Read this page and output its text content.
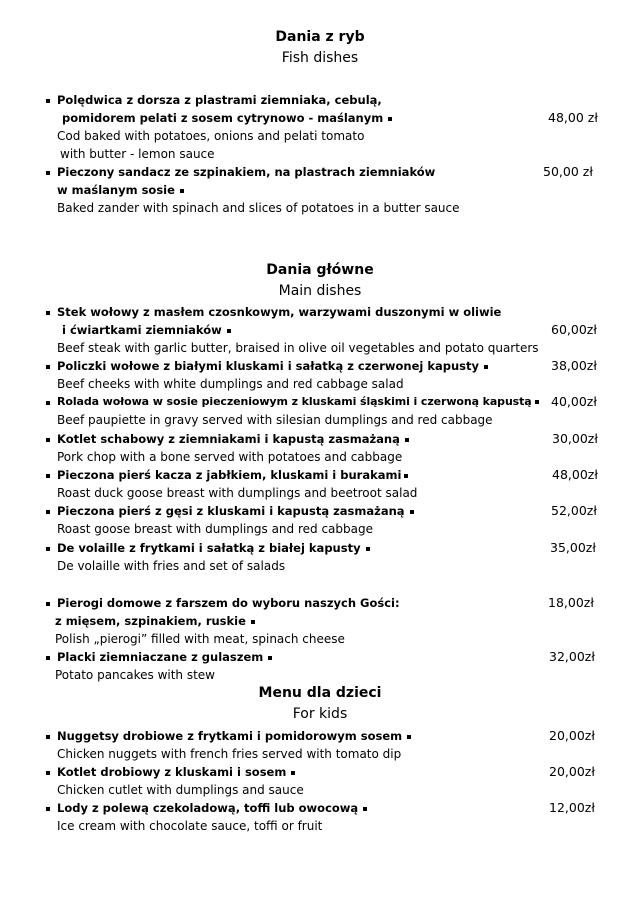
Dania z ryb
Fish dishes
Polędwica z dorsza z plastrami ziemniaka, cebulą,
pomidorem pelati z sosem cytrynowo - maślanym	48,00 zł
Cod baked with potatoes, onions and pelati tomato
with butter - lemon sauce
Pieczony sandacz ze szpinakiem, na plastrach ziemniaków	50,00 zł
w maślanym sosie
Baked zander with spinach and slices of potatoes in a butter sauce
Dania główne
Main dishes
Stek wołowy z masłem czosnkowym, warzywami duszonymi w oliwie
i ćwiartkami ziemniaków	60,00zł
Beef steak with garlic butter, braised in olive oil vegetables and potato quarters
Policzki wołowe z białymi kluskami i sałatką z czerwonej kapusty	38,00zł
Beef cheeks with white dumplings and red cabbage salad
Rolada wołowa w sosie pieczeniowym z kluskami śląskimi i czerwoną kapustą	40,00zł
Beef paupiette in gravy served with silesian dumplings and red cabbage
Kotlet schabowy z ziemniakami i kapustą zasmażaną	30,00zł
Pork chop with a bone served with potatoes and cabbage
Pieczona pierś kacza z jabłkiem, kluskami i burakami	48,00zł
Roast duck goose breast with dumplings and beetroot salad
Pieczona pierś z gęsi z kluskami i kapustą zasmażaną	52,00zł
Roast goose breast with dumplings and red cabbage
De volaille z frytkami i sałatką z białej kapusty	35,00zł
De volaille with fries and set of salads
Pierogi domowe z farszem do wyboru naszych Gości:	18,00zł
z mięsem, szpinakiem, ruskie
Polish „pierogi” filled with meat, spinach cheese
Placki ziemniaczane z gulaszem	32,00zł
Potato pancakes with stew
Menu dla dzieci
For kids
Nuggetsy drobiowe z frytkami i pomidorowym sosem	20,00zł
Chicken nuggets with french fries served with tomato dip
Kotlet drobiowy z kluskami i sosem	20,00zł
Chicken cutlet with dumplings and sauce
Lody z polewą czekoladową, toffi lub owocową	12,00zł
Ice cream with chocolate sauce, toffi or fruit
